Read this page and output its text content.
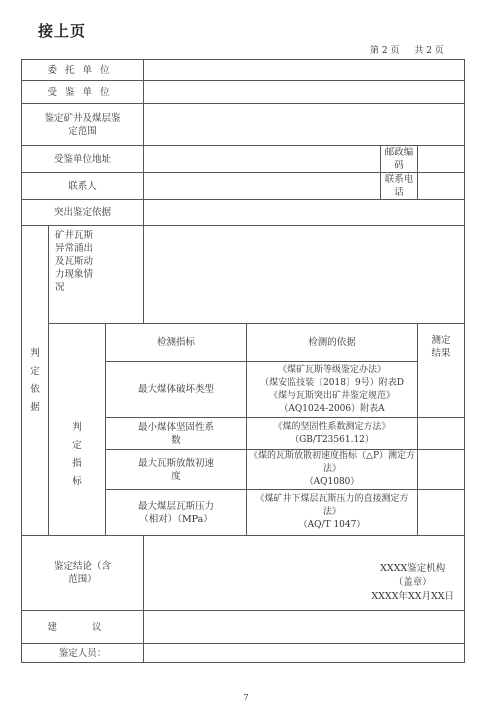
接上页
第 2 页 共 2 页
委托单位						
受鉴单位						
鉴定矿井及煤层鉴定范围						
受鉴单位地址					邮政编码	
联系人					联系电话	
突出鉴定依据						
判定依据	矿井瓦斯异常涌出及瓦斯动力现象情况					
	判定指标	检测指标		检测的依据		测定结果
		最大煤体破坏类型		《煤矿瓦斯等级鉴定办法》
（煤安监技装〔2018〕9号）附表D
《煤与瓦斯突出矿井鉴定规范》
（AQ1024-2006）附表A		

		最小煤体坚固性系数		《煤的坚固性系数测定方法》
（GB/T23561.12）		

		最大瓦斯放散初速度		《煤的瓦斯放散初速度指标（△P）测定方法》
（AQ1080）		

		最大煤层瓦斯压力（相对）（MPa）		《煤矿井下煤层瓦斯压力的直接测定方法》
（AQ/T 1047）		

鉴定结论（含范围）			XXXX鉴定机构
（盖章）
XXXX年XX月XX日			

建 议						
鉴定人员：						
7
